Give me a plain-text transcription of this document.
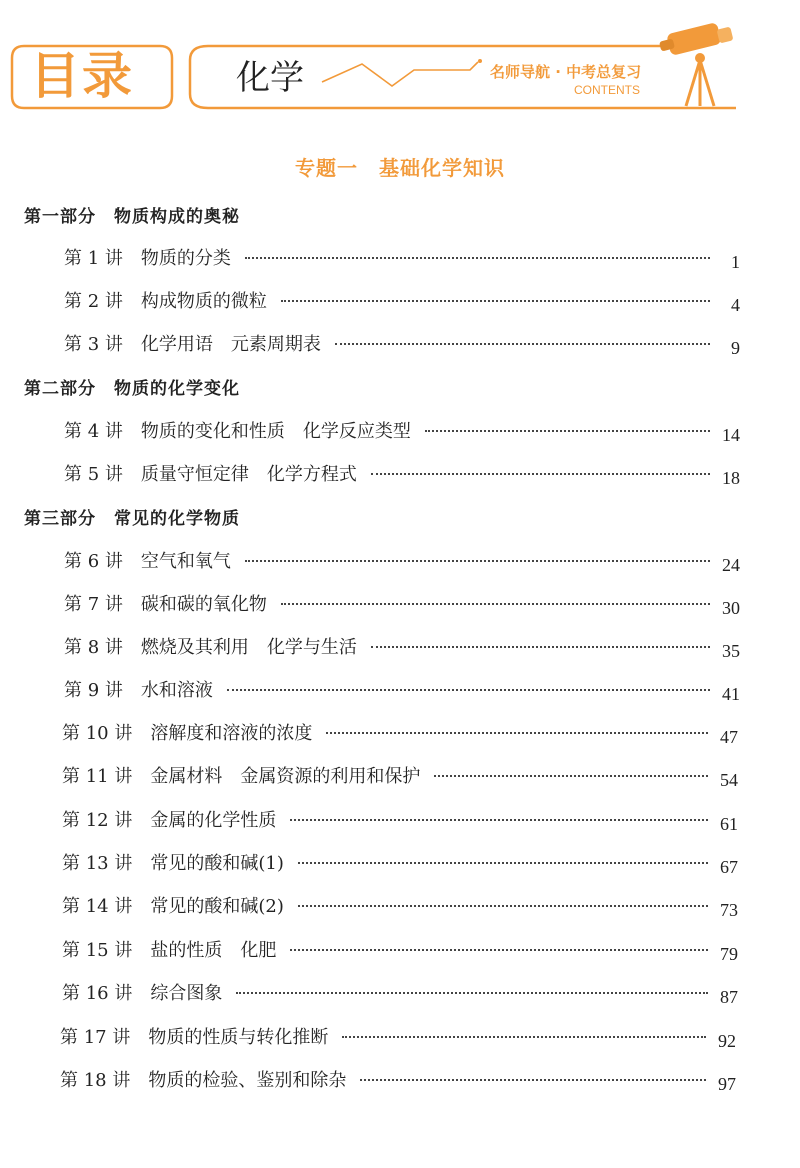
目录	化学	名师导航 · 中考总复习
CONTENTS
专题一　基础化学知识
第一部分　物质构成的奥秘
第 1 讲 物质的分类	1
第 2 讲 构成物质的微粒	4
第 3 讲 化学用语　元素周期表	9
第二部分　物质的化学变化
第 4 讲 物质的变化和性质　化学反应类型	14
第 5 讲 质量守恒定律　化学方程式	18
第三部分　常见的化学物质
第 6 讲 空气和氧气	24
第 7 讲 碳和碳的氧化物	30
第 8 讲 燃烧及其利用　化学与生活	35
第 9 讲 水和溶液	41
第 10 讲 溶解度和溶液的浓度	47
第 11 讲 金属材料　金属资源的利用和保护	54
第 12 讲 金属的化学性质	61
第 13 讲 常见的酸和碱(1)	67
第 14 讲 常见的酸和碱(2)	73
第 15 讲 盐的性质　化肥	79
第 16 讲 综合图象	87
第 17 讲 物质的性质与转化推断	92
第 18 讲 物质的检验、鉴别和除杂	97
